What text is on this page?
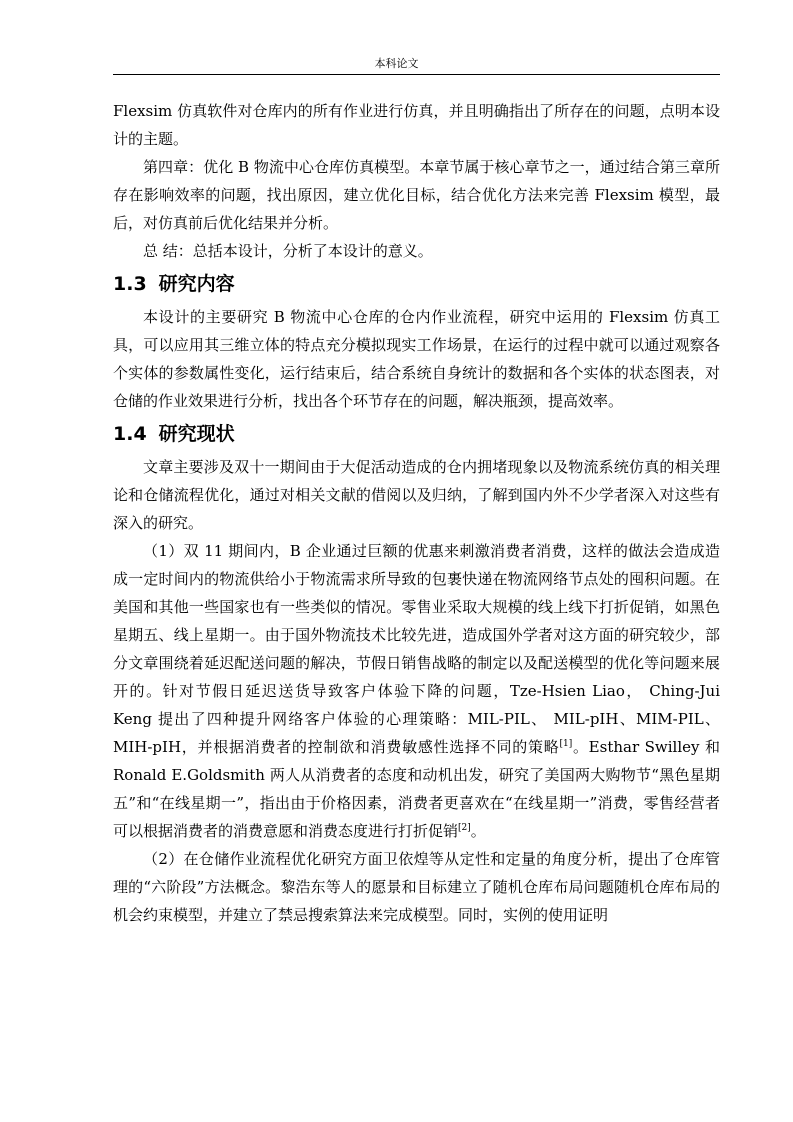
本科论文

Flexsim 仿真软件对仓库内的所有作业进行仿真，并且明确指出了所存在的问题，点明本设计的主题。

第四章：优化 B 物流中心仓库仿真模型。本章节属于核心章节之一，通过结合第三章所存在影响效率的问题，找出原因，建立优化目标，结合优化方法来完善 Flexsim 模型，最后，对仿真前后优化结果并分析。

总 结：总括本设计，分析了本设计的意义。

1.3 研究内容

本设计的主要研究 B 物流中心仓库的仓内作业流程，研究中运用的 Flexsim 仿真工具，可以应用其三维立体的特点充分模拟现实工作场景，在运行的过程中就可以通过观察各个实体的参数属性变化，运行结束后，结合系统自身统计的数据和各个实体的状态图表，对仓储的作业效果进行分析，找出各个环节存在的问题，解决瓶颈，提高效率。

1.4 研究现状

文章主要涉及双十一期间由于大促活动造成的仓内拥堵现象以及物流系统仿真的相关理论和仓储流程优化，通过对相关文献的借阅以及归纳，了解到国内外不少学者深入对这些有深入的研究。

（1）双 11 期间内，B 企业通过巨额的优惠来刺激消费者消费，这样的做法会造成造成一定时间内的物流供给小于物流需求所导致的包裹快递在物流网络节点处的囤积问题。在美国和其他一些国家也有一些类似的情况。零售业采取大规模的线上线下打折促销，如黑色星期五、线上星期一。由于国外物流技术比较先进，造成国外学者对这方面的研究较少，部分文章围绕着延迟配送问题的解决，节假日销售战略的制定以及配送模型的优化等问题来展开的。针对节假日延迟送货导致客户体验下降的问题，Tze-Hsien Liao， Ching-Jui Keng 提出了四种提升网络客户体验的心理策略：MIL-PIL、 MIL-pIH、MIM-PIL、 MIH-pIH，并根据消费者的控制欲和消费敏感性选择不同的策略[1]。Esthar Swilley 和 Ronald E.Goldsmith 两人从消费者的态度和动机出发，研究了美国两大购物节“黑色星期五”和“在线星期一”，指出由于价格因素，消费者更喜欢在“在线星期一”消费，零售经营者可以根据消费者的消费意愿和消费态度进行打折促销[2]。

（2）在仓储作业流程优化研究方面卫依煌等从定性和定量的角度分析，提出了仓库管理的“六阶段”方法概念。黎浩东等人的愿景和目标建立了随机仓库布局问题随机仓库布局的机会约束模型，并建立了禁忌搜索算法来完成模型。同时，实例的使用证明
